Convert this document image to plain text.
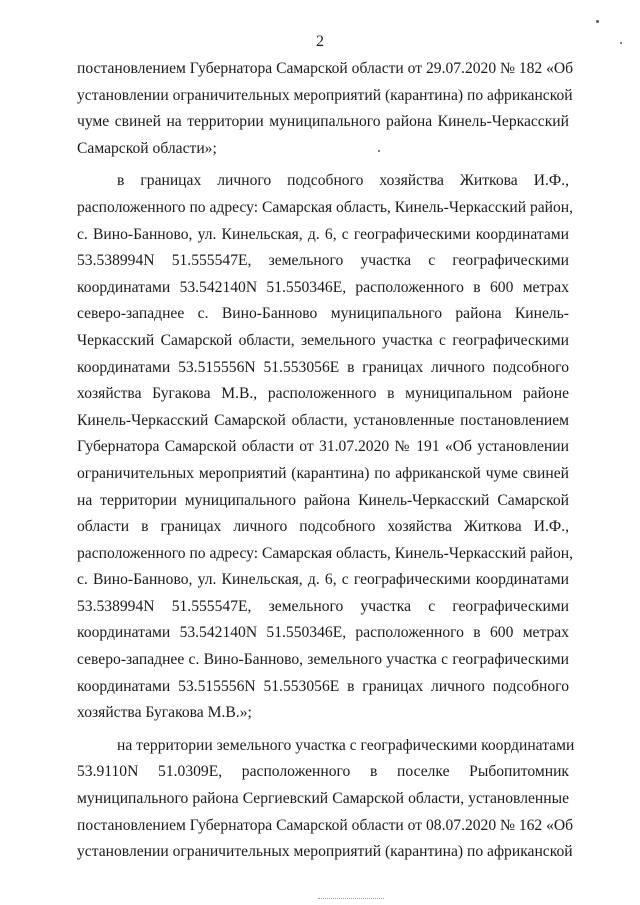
2
постановлением Губернатора Самарской области от 29.07.2020 № 182 «Об
установлении ограничительных мероприятий (карантина) по африканской
чуме свиней на территории муниципального района Кинель-Черкасский
Самарской области»;
в границах личного подсобного хозяйства Житкова И.Ф.,
расположенного по адресу: Самарская область, Кинель-Черкасский район,
с. Вино-Банново, ул. Кинельская, д. 6, с географическими координатами
53.538994N 51.555547E, земельного участка с географическими
координатами 53.542140N 51.550346E, расположенного в 600 метрах
северо-западнее с. Вино-Банново муниципального района Кинель-
Черкасский Самарской области, земельного участка с географическими
координатами 53.515556N 51.553056E в границах личного подсобного
хозяйства Бугакова М.В., расположенного в муниципальном районе
Кинель-Черкасский Самарской области, установленные постановлением
Губернатора Самарской области от 31.07.2020 № 191 «Об установлении
ограничительных мероприятий (карантина) по африканской чуме свиней
на территории муниципального района Кинель-Черкасский Самарской
области в границах личного подсобного хозяйства Житкова И.Ф.,
расположенного по адресу: Самарская область, Кинель-Черкасский район,
с. Вино-Банново, ул. Кинельская, д. 6, с географическими координатами
53.538994N 51.555547E, земельного участка с географическими
координатами 53.542140N 51.550346E, расположенного в 600 метрах
северо-западнее с. Вино-Банново, земельного участка с географическими
координатами 53.515556N 51.553056E в границах личного подсобного
хозяйства Бугакова М.В.»;
на территории земельного участка с географическими координатами
53.9110N 51.0309E, расположенного в поселке Рыбопитомник
муниципального района Сергиевский Самарской области, установленные
постановлением Губернатора Самарской области от 08.07.2020 № 162 «Об
установлении ограничительных мероприятий (карантина) по африканской
